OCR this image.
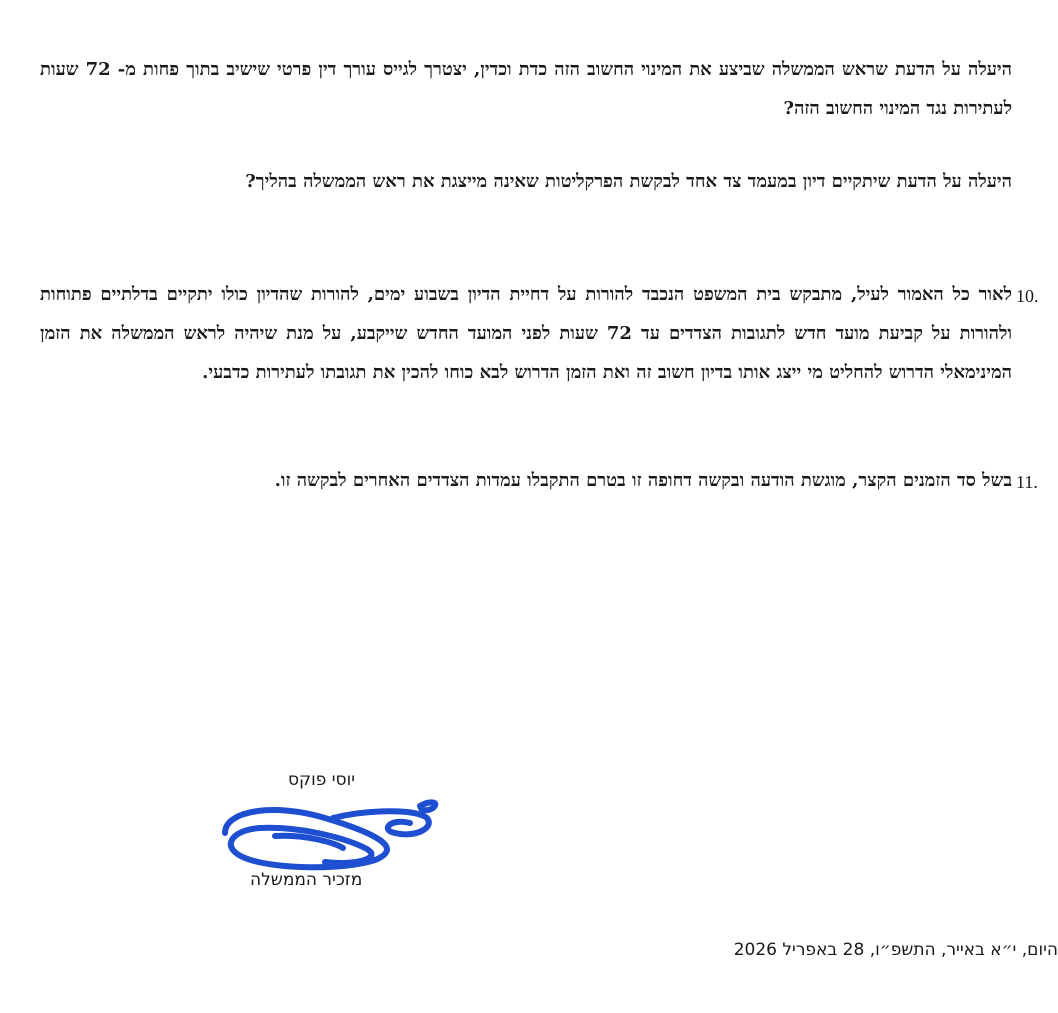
היעלה על הדעת שראש הממשלה שביצע את המינוי החשוב הזה כדת וכדין, יצטרך לגייס עורך דין פרטי שישיב בתוך פחות מ- 72 שעות לעתירות נגד המינוי החשוב הזה?
היעלה על הדעת שיתקיים דיון במעמד צד אחד לבקשת הפרקליטות שאינה מייצגת את ראש הממשלה בהליך?
10.
לאור כל האמור לעיל, מתבקש בית המשפט הנכבד להורות על דחיית הדיון בשבוע ימים, להורות שהדיון כולו יתקיים בדלתיים פתוחות ולהורות על קביעת מועד חדש לתגובות הצדדים עד 72 שעות לפני המועד החדש שייקבע, על מנת שיהיה לראש הממשלה את הזמן המינימאלי הדרוש להחליט מי ייצג אותו בדיון חשוב זה ואת הזמן הדרוש לבא כוחו להכין את תגובתו לעתירות כדבעי.
11.
בשל סד הזמנים הקצר, מוגשת הודעה ובקשה דחופה זו בטרם התקבלו עמדות הצדדים האחרים לבקשה זו.
יוסי פוקס
מזכיר הממשלה
היום, י״א באייר, התשפ״ו, 28 באפריל 2026
